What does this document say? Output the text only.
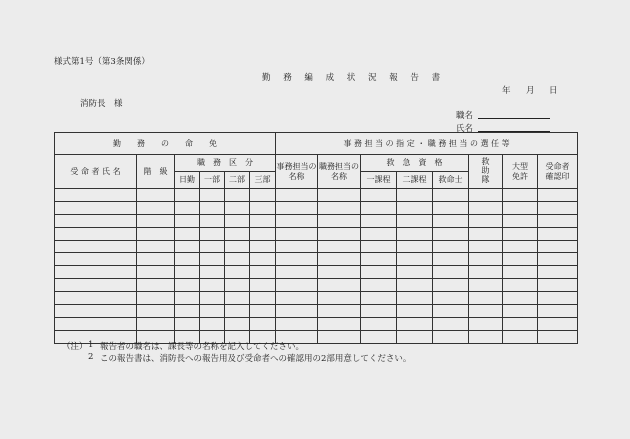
様式第1号（第3条関係）
勤 務 編 成 状 況 報 告 書
年 月 日
消防長　様
職名
氏名
勤　　務　　の　　命　　免						事 務 担 当 の 指 定 ・ 職 務 担 当 の 選 任 等							
受 命 者 氏 名	階　級	職　務　区　分				事務担当の名称	職務担当の名称	救　急　資　格			救助隊	大型免許	受命者確認印
		日勤	一部	二部	三部			一課程	二課程	救命士			

（注） 1 報告者の職名は、課長等の名称を記入してください。
2 この報告書は、消防長への報告用及び受命者への確認用の2部用意してください。
